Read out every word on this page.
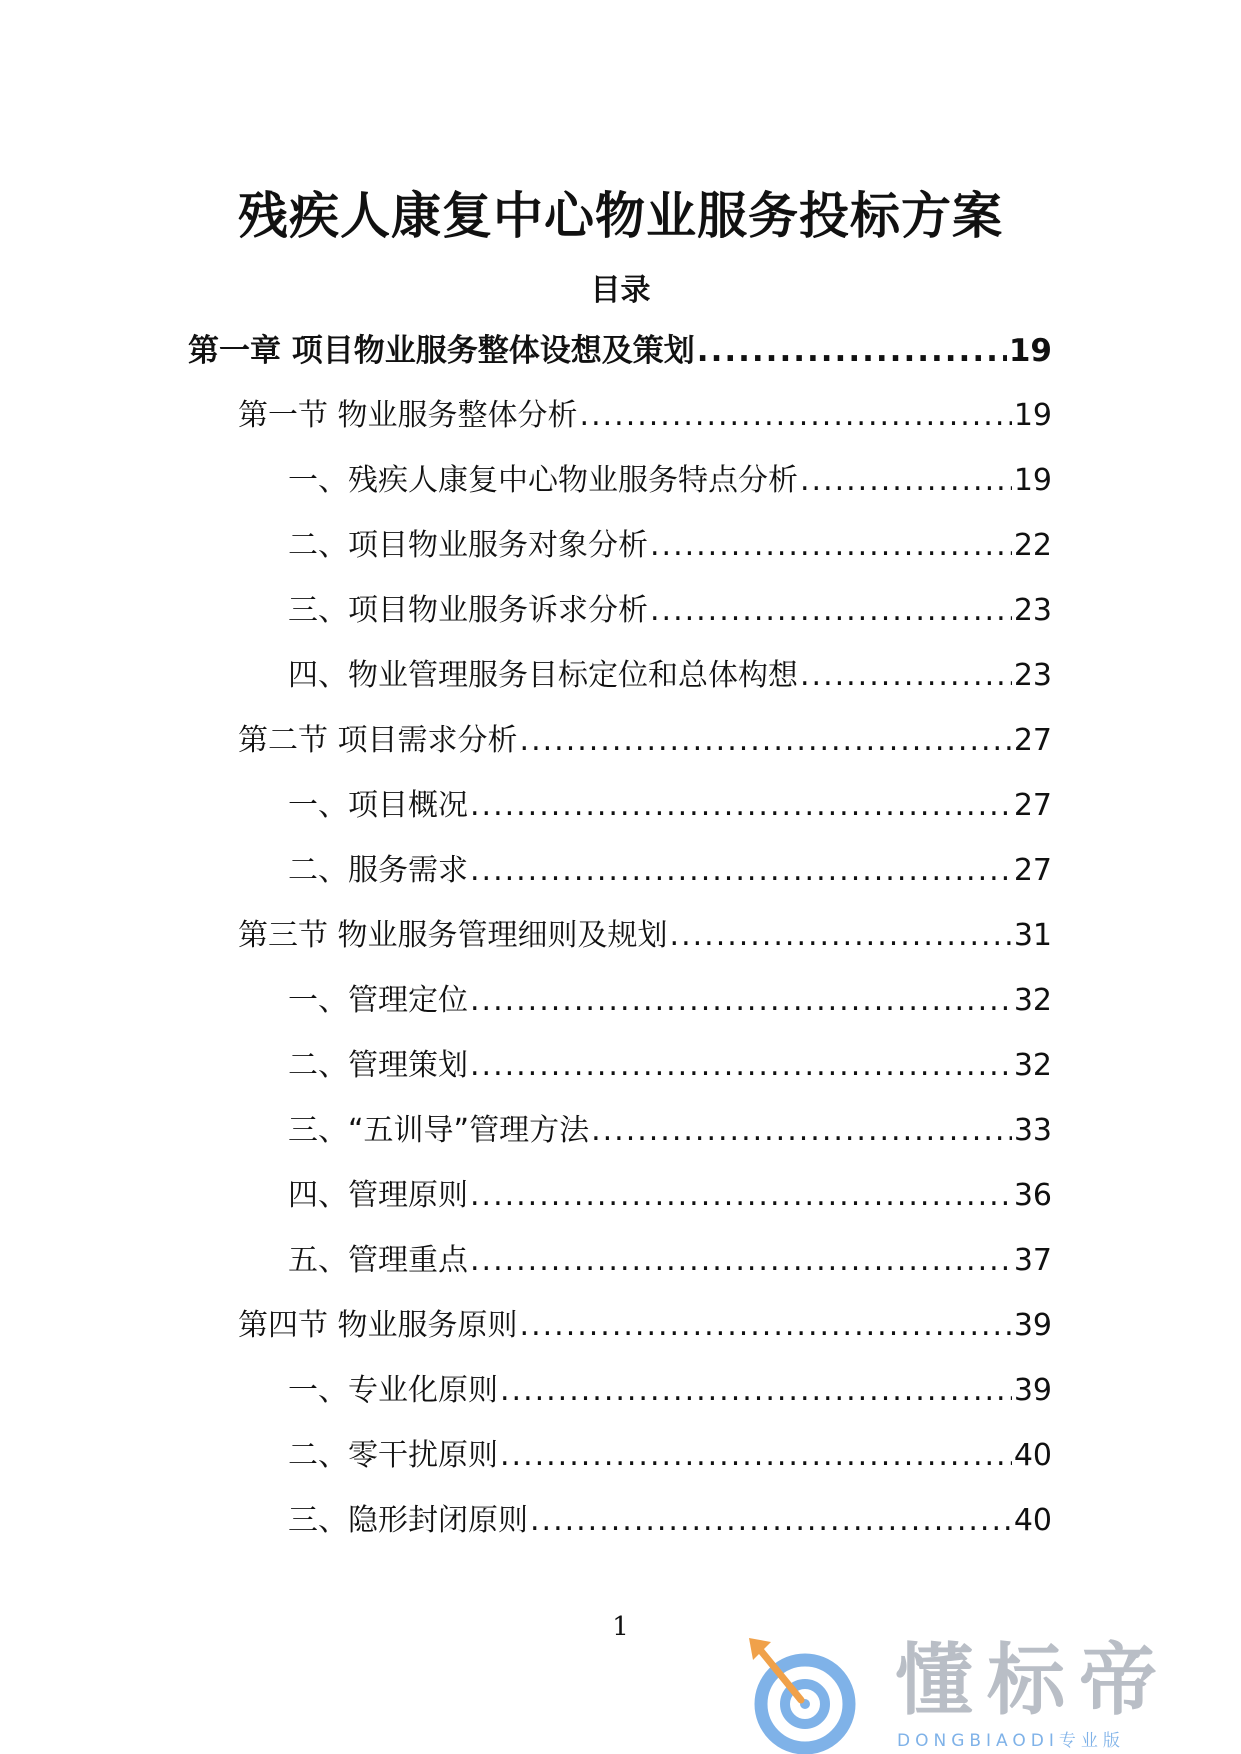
残疾人康复中心物业服务投标方案
目录
第一章 项目物业服务整体设想及策划 .....	19
第一节 物业服务整体分析 .....	19
一、残疾人康复中心物业服务特点分析 .....	19
二、项目物业服务对象分析 .....	22
三、项目物业服务诉求分析 .....	23
四、物业管理服务目标定位和总体构想 .....	23
第二节 项目需求分析 .....	27
一、项目概况 .....	27
二、服务需求 .....	27
第三节 物业服务管理细则及规划 .....	31
一、管理定位 .....	32
二、管理策划 .....	32
三、“五训导”管理方法 .....	33
四、管理原则 .....	36
五、管理重点 .....	37
第四节 物业服务原则 .....	39
一、专业化原则 .....	39
二、零干扰原则 .....	40
三、隐形封闭原则 .....	40
1
懂标帝
DONGBIAODI专业版
